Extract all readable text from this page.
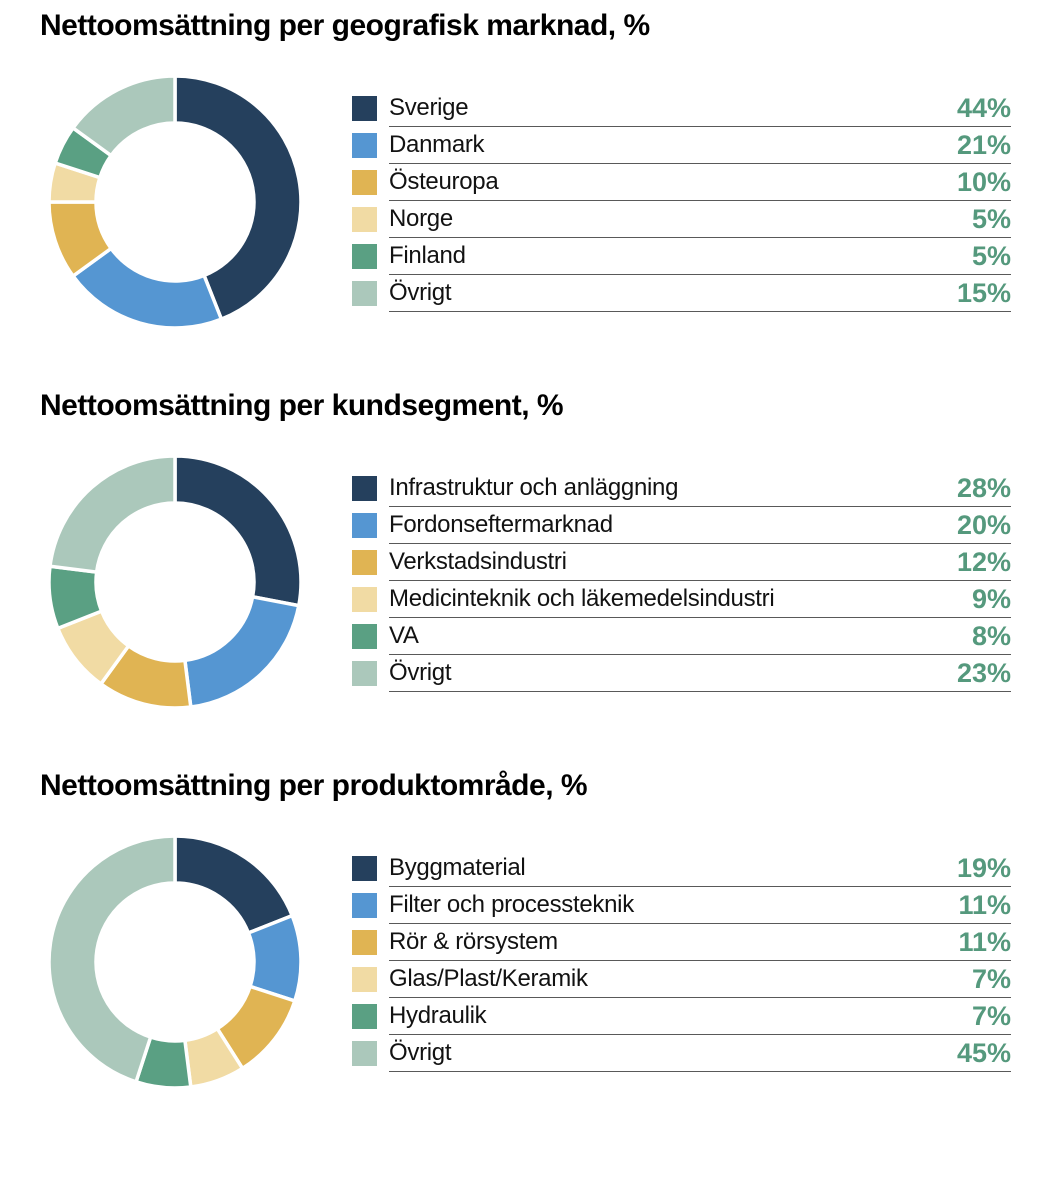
Nettoomsättning per geografisk marknad, %
Sverige	44%
Danmark	21%
Östeuropa	10%
Norge	5%
Finland	5%
Övrigt	15%
Nettoomsättning per kundsegment, %
Infrastruktur och anläggning	28%
Fordonseftermarknad	20%
Verkstadsindustri	12%
Medicinteknik och läkemedelsindustri	9%
VA	8%
Övrigt	23%
Nettoomsättning per produktområde, %
Byggmaterial	19%
Filter och processteknik	11%
Rör & rörsystem	11%
Glas/Plast/Keramik	7%
Hydraulik	7%
Övrigt	45%
